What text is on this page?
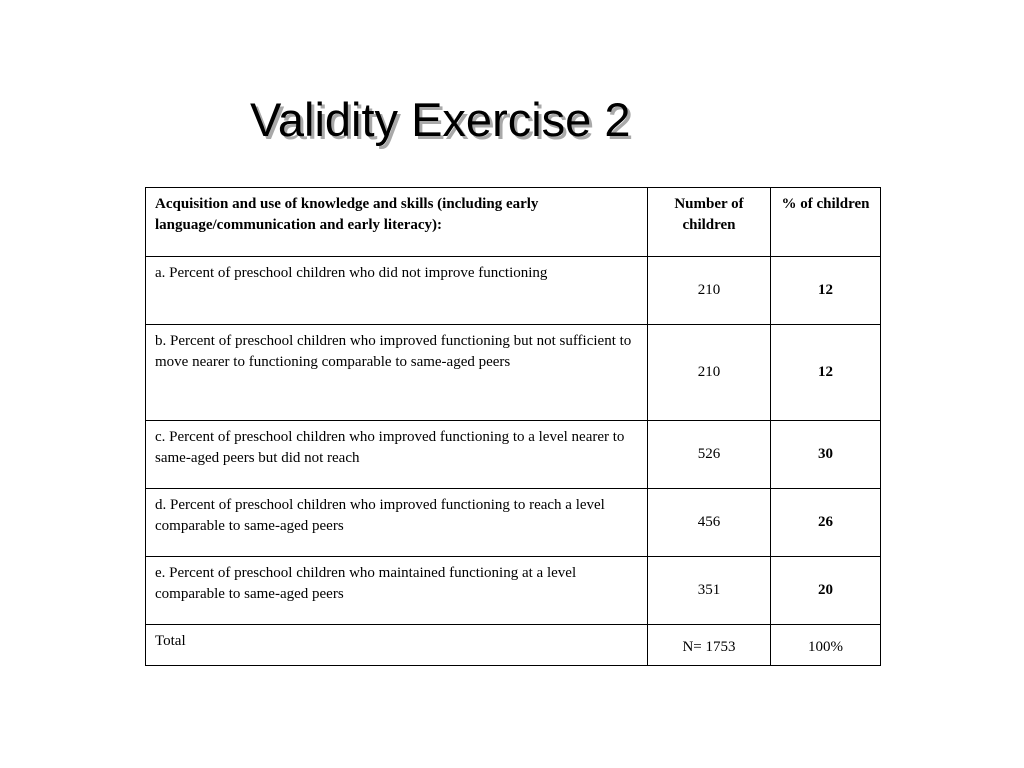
Validity Exercise 2
Acquisition and use of knowledge and skills (including early language/communication and early literacy):	Number of children	% of children
a. Percent of preschool children who did not improve functioning	210	12
b. Percent of preschool children who improved functioning but not sufficient to move nearer to functioning comparable to same-aged peers	210	12
c. Percent of preschool children who improved functioning to a level nearer to same-aged peers but did not reach	526	30
d. Percent of preschool children who improved functioning to reach a level comparable to same-aged peers	456	26
e. Percent of preschool children who maintained functioning at a level comparable to same-aged peers	351	20
Total	N= 1753	100%
